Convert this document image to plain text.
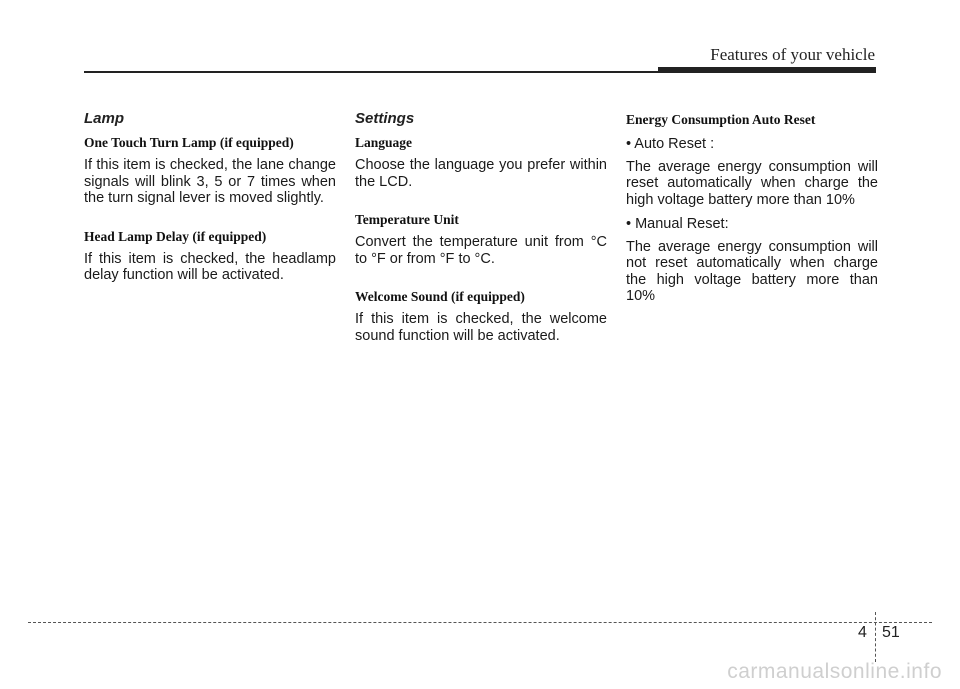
Features of your vehicle
Lamp
One Touch Turn Lamp (if equipped)

If this item is checked, the lane change signals will blink 3, 5 or 7 times when the turn signal lever is moved slightly.

Head Lamp Delay (if equipped)

If this item is checked, the headlamp delay function will be activated.

Settings
Language

Choose the language you prefer within the LCD.

Temperature Unit

Convert the temperature unit from °C to °F or from °F to °C.

Welcome Sound (if equipped)

If this item is checked, the welcome sound function will be activated.

Energy Consumption Auto Reset
• Auto Reset :

The average energy consumption will reset automatically when charge the high voltage battery more than 10%

• Manual Reset:

The average energy consumption will not reset automatically when charge the high voltage battery more than 10%

4 51
carmanualsonline.info
